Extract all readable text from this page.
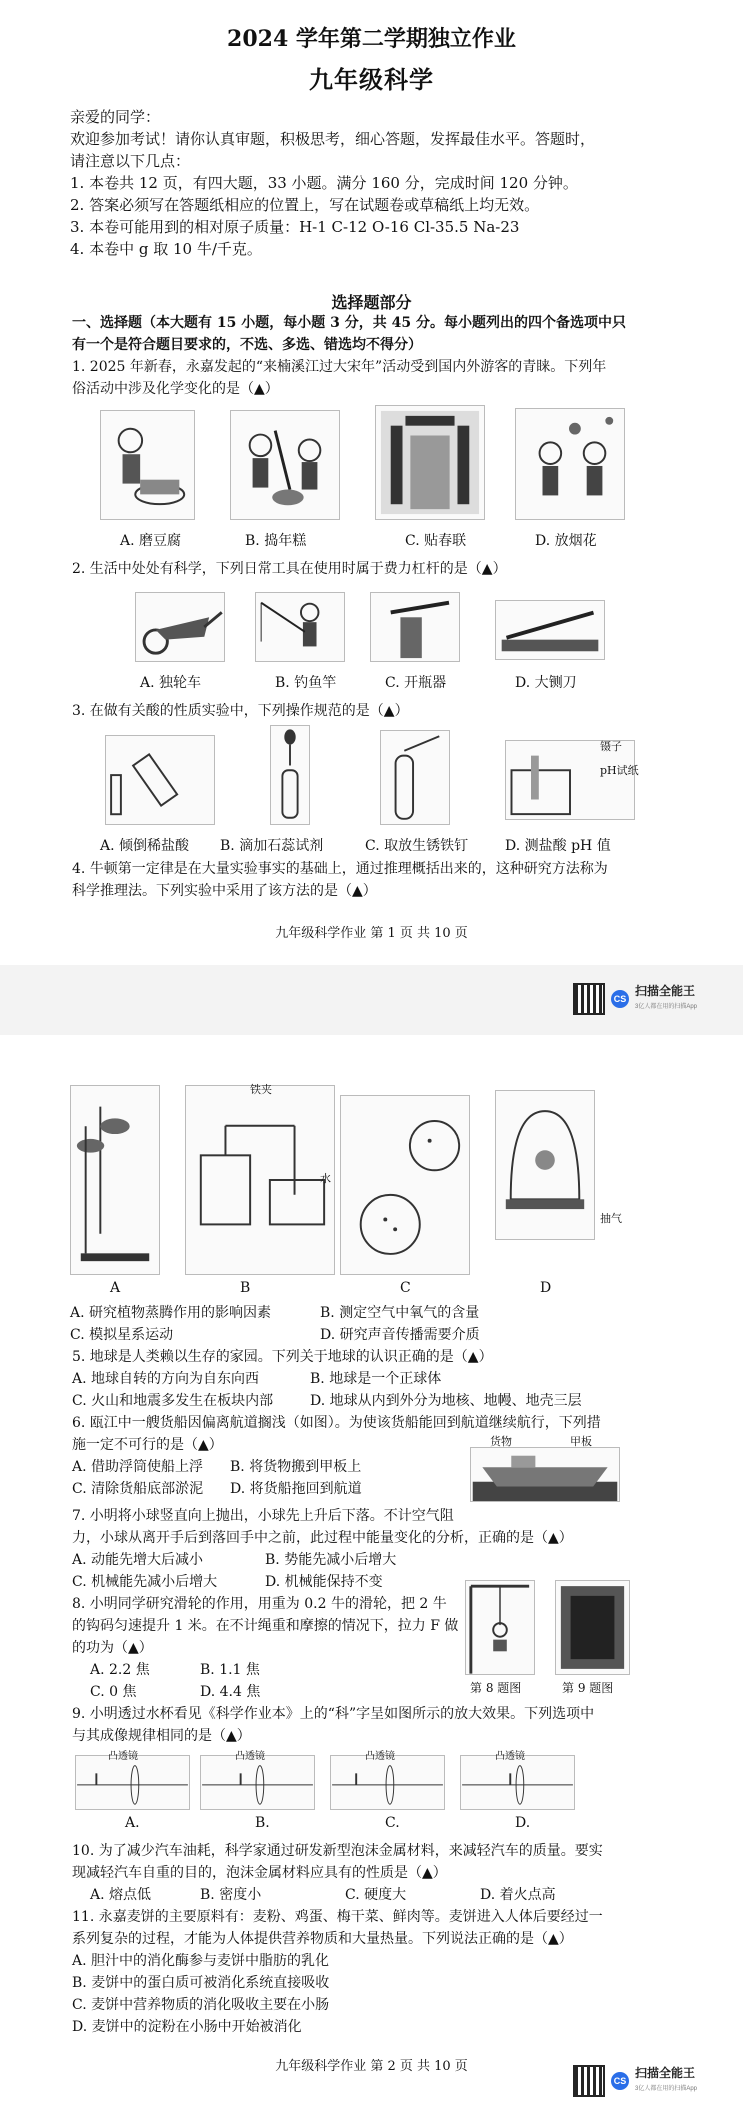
2024 学年第二学期独立作业
九年级科学
亲爱的同学：
欢迎参加考试！请你认真审题，积极思考，细心答题，发挥最佳水平。答题时，
请注意以下几点：
1. 本卷共 12 页，有四大题，33 小题。满分 160 分，完成时间 120 分钟。
2. 答案必须写在答题纸相应的位置上，写在试题卷或草稿纸上均无效。
3. 本卷可能用到的相对原子质量：H-1 C-12 O-16 Cl-35.5 Na-23
4. 本卷中 g 取 10 牛/千克。
选择题部分
一、选择题（本大题有 15 小题，每小题 3 分，共 45 分。每小题列出的四个备选项中只
有一个是符合题目要求的，不选、多选、错选均不得分）
1. 2025 年新春，永嘉发起的“来楠溪江过大宋年”活动受到国内外游客的青睐。下列年
俗活动中涉及化学变化的是（▲）
A. 磨豆腐	B. 捣年糕	C. 贴春联	D. 放烟花
2. 生活中处处有科学，下列日常工具在使用时属于费力杠杆的是（▲）
A. 独轮车	B. 钓鱼竿	C. 开瓶器	D. 大铡刀
3. 在做有关酸的性质实验中，下列操作规范的是（▲）
镊子
pH试纸
A. 倾倒稀盐酸 B. 滴加石蕊试剂	C. 取放生锈铁钉	D. 测盐酸 pH 值
4. 牛顿第一定律是在大量实验事实的基础上，通过推理概括出来的，这种研究方法称为
科学推理法。下列实验中采用了该方法的是（▲）
九年级科学作业 第 1 页 共 10 页
CS
扫描全能王
3亿人都在用的扫描App
铁夹
水
抽气
A	B	C	D
A. 研究植物蒸腾作用的影响因素	B. 测定空气中氧气的含量
C. 模拟星系运动	D. 研究声音传播需要介质
5. 地球是人类赖以生存的家园。下列关于地球的认识正确的是（▲）
A. 地球自转的方向为自东向西	B. 地球是一个正球体
C. 火山和地震多发生在板块内部	D. 地球从内到外分为地核、地幔、地壳三层
6. 瓯江中一艘货船因偏离航道搁浅（如图）。为使该货船能回到航道继续航行，下列措
施一定不可行的是（▲）
A. 借助浮筒使船上浮 B. 将货物搬到甲板上
C. 清除货船底部淤泥 D. 将货船拖回到航道
货物	甲板
7. 小明将小球竖直向上抛出，小球先上升后下落。不计空气阻
力，小球从离开手后到落回手中之前，此过程中能量变化的分析，正确的是（▲）
A. 动能先增大后减小	B. 势能先减小后增大
C. 机械能先减小后增大	D. 机械能保持不变
8. 小明同学研究滑轮的作用，用重为 0.2 牛的滑轮，把 2 牛
的钩码匀速提升 1 米。在不计绳重和摩擦的情况下，拉力 F 做
的功为（▲）
A. 2.2 焦	B. 1.1 焦
C. 0 焦	D. 4.4 焦	第 8 题图	第 9 题图
9. 小明透过水杯看见《科学作业本》上的“科”字呈如图所示的放大效果。下列选项中
与其成像规律相同的是（▲）
凸透镜	凸透镜	凸透镜	凸透镜
A.	B.	C.	D.
10. 为了减少汽车油耗，科学家通过研发新型泡沫金属材料，来减轻汽车的质量。要实
现减轻汽车自重的目的，泡沫金属材料应具有的性质是（▲）
A. 熔点低	B. 密度小	C. 硬度大	D. 着火点高
11. 永嘉麦饼的主要原料有：麦粉、鸡蛋、梅干菜、鲜肉等。麦饼进入人体后要经过一
系列复杂的过程，才能为人体提供营养物质和大量热量。下列说法正确的是（▲）
A. 胆汁中的消化酶参与麦饼中脂肪的乳化
B. 麦饼中的蛋白质可被消化系统直接吸收
C. 麦饼中营养物质的消化吸收主要在小肠
D. 麦饼中的淀粉在小肠中开始被消化
九年级科学作业 第 2 页 共 10 页
CS
扫描全能王
3亿人都在用的扫描App
